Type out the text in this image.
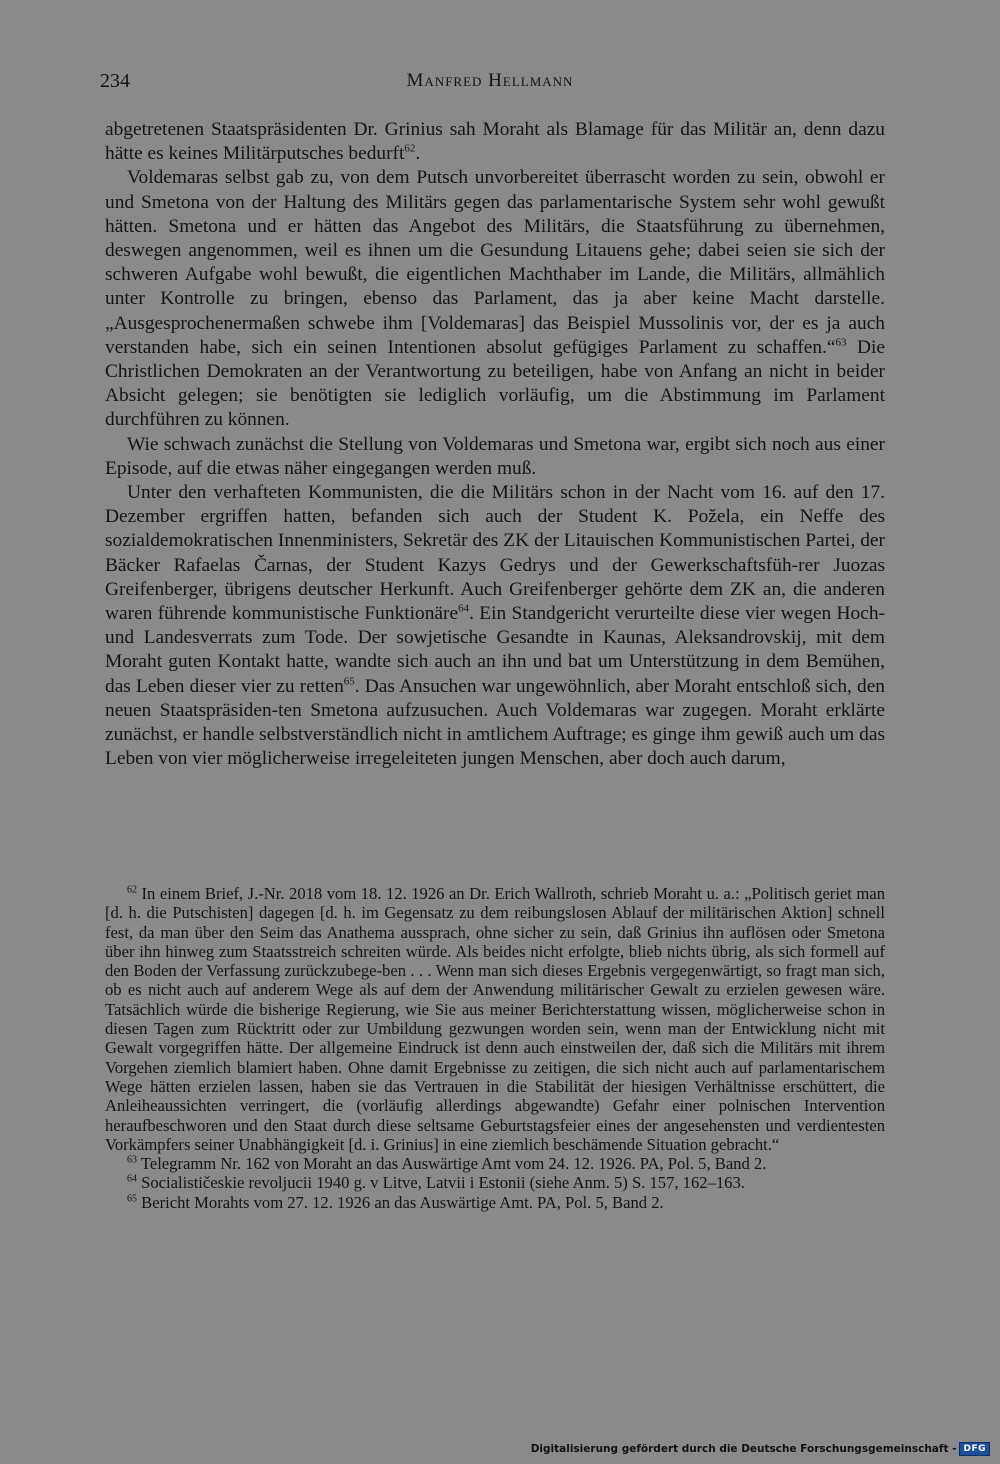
234	Manfred Hellmann

abgetretenen Staatspräsidenten Dr. Grinius sah Moraht als Blamage für das Militär an, denn dazu hätte es keines Militärputsches bedurft$^{62}$.

Voldemaras selbst gab zu, von dem Putsch unvorbereitet überrascht worden zu sein, obwohl er und Smetona von der Haltung des Militärs gegen das parlamentarische System sehr wohl gewußt hätten. Smetona und er hätten das Angebot des Militärs, die Staatsführung zu übernehmen, deswegen angenommen, weil es ihnen um die Gesundung Litauens gehe; dabei seien sie sich der schweren Aufgabe wohl bewußt, die eigentlichen Machthaber im Lande, die Militärs, allmählich unter Kontrolle zu bringen, ebenso das Parlament, das ja aber keine Macht darstelle. „Ausgesprochenermaßen schwebe ihm [Voldemaras] das Beispiel Mussolinis vor, der es ja auch verstanden habe, sich ein seinen Intentionen absolut gefügiges Parlament zu schaffen.“$^{63}$ Die Christlichen Demokraten an der Verantwortung zu beteiligen, habe von Anfang an nicht in beider Absicht gelegen; sie benötigten sie lediglich vorläufig, um die Abstimmung im Parlament durchführen zu können.

Wie schwach zunächst die Stellung von Voldemaras und Smetona war, ergibt sich noch aus einer Episode, auf die etwas näher eingegangen werden muß.

Unter den verhafteten Kommunisten, die die Militärs schon in der Nacht vom 16. auf den 17. Dezember ergriffen hatten, befanden sich auch der Student K. Požela, ein Neffe des sozialdemokratischen Innenministers, Sekretär des ZK der Litauischen Kommunistischen Partei, der Bäcker Rafaelas Čarnas, der Student Kazys Gedrys und der Gewerkschaftsfüh-rer Juozas Greifenberger, übrigens deutscher Herkunft. Auch Greifenberger gehörte dem ZK an, die anderen waren führende kommunistische Funktionäre$^{64}$. Ein Standgericht verurteilte diese vier wegen Hoch- und Landesverrats zum Tode. Der sowjetische Gesandte in Kaunas, Aleksandrovskij, mit dem Moraht guten Kontakt hatte, wandte sich auch an ihn und bat um Unterstützung in dem Bemühen, das Leben dieser vier zu retten$^{65}$. Das Ansuchen war ungewöhnlich, aber Moraht entschloß sich, den neuen Staatspräsiden-ten Smetona aufzusuchen. Auch Voldemaras war zugegen. Moraht erklärte zunächst, er handle selbstverständlich nicht in amtlichem Auftrage; es ginge ihm gewiß auch um das Leben von vier möglicherweise irregeleiteten jungen Menschen, aber doch auch darum,

$^{62}$ In einem Brief, J.-Nr. 2018 vom 18. 12. 1926 an Dr. Erich Wallroth, schrieb Moraht u. a.: „Politisch geriet man [d. h. die Putschisten] dagegen [d. h. im Gegensatz zu dem reibungslosen Ablauf der militärischen Aktion] schnell fest, da man über den Seim das Anathema aussprach, ohne sicher zu sein, daß Grinius ihn auflösen oder Smetona über ihn hinweg zum Staatsstreich schreiten würde. Als beides nicht erfolgte, blieb nichts übrig, als sich formell auf den Boden der Verfassung zurückzubege-ben . . . Wenn man sich dieses Ergebnis vergegenwärtigt, so fragt man sich, ob es nicht auch auf anderem Wege als auf dem der Anwendung militärischer Gewalt zu erzielen gewesen wäre. Tatsächlich würde die bisherige Regierung, wie Sie aus meiner Berichterstattung wissen, möglicherweise schon in diesen Tagen zum Rücktritt oder zur Umbildung gezwungen worden sein, wenn man der Entwicklung nicht mit Gewalt vorgegriffen hätte. Der allgemeine Eindruck ist denn auch einstweilen der, daß sich die Militärs mit ihrem Vorgehen ziemlich blamiert haben. Ohne damit Ergebnisse zu zeitigen, die sich nicht auch auf parlamentarischem Wege hätten erzielen lassen, haben sie das Vertrauen in die Stabilität der hiesigen Verhältnisse erschüttert, die Anleiheaussichten verringert, die (vorläufig allerdings abgewandte) Gefahr einer polnischen Intervention heraufbeschworen und den Staat durch diese seltsame Geburtstagsfeier eines der angesehensten und verdientesten Vorkämpfers seiner Unabhängigkeit [d. i. Grinius] in eine ziemlich beschämende Situation gebracht.“

$^{63}$ Telegramm Nr. 162 von Moraht an das Auswärtige Amt vom 24. 12. 1926. PA, Pol. 5, Band 2.

$^{64}$ Socialističeskie revoljucii 1940 g. v Litve, Latvii i Estonii (siehe Anm. 5) S. 157, 162–163.

$^{65}$ Bericht Morahts vom 27. 12. 1926 an das Auswärtige Amt. PA, Pol. 5, Band 2.

Digitalisierung gefördert durch die Deutsche Forschungsgemeinschaft - DFG
